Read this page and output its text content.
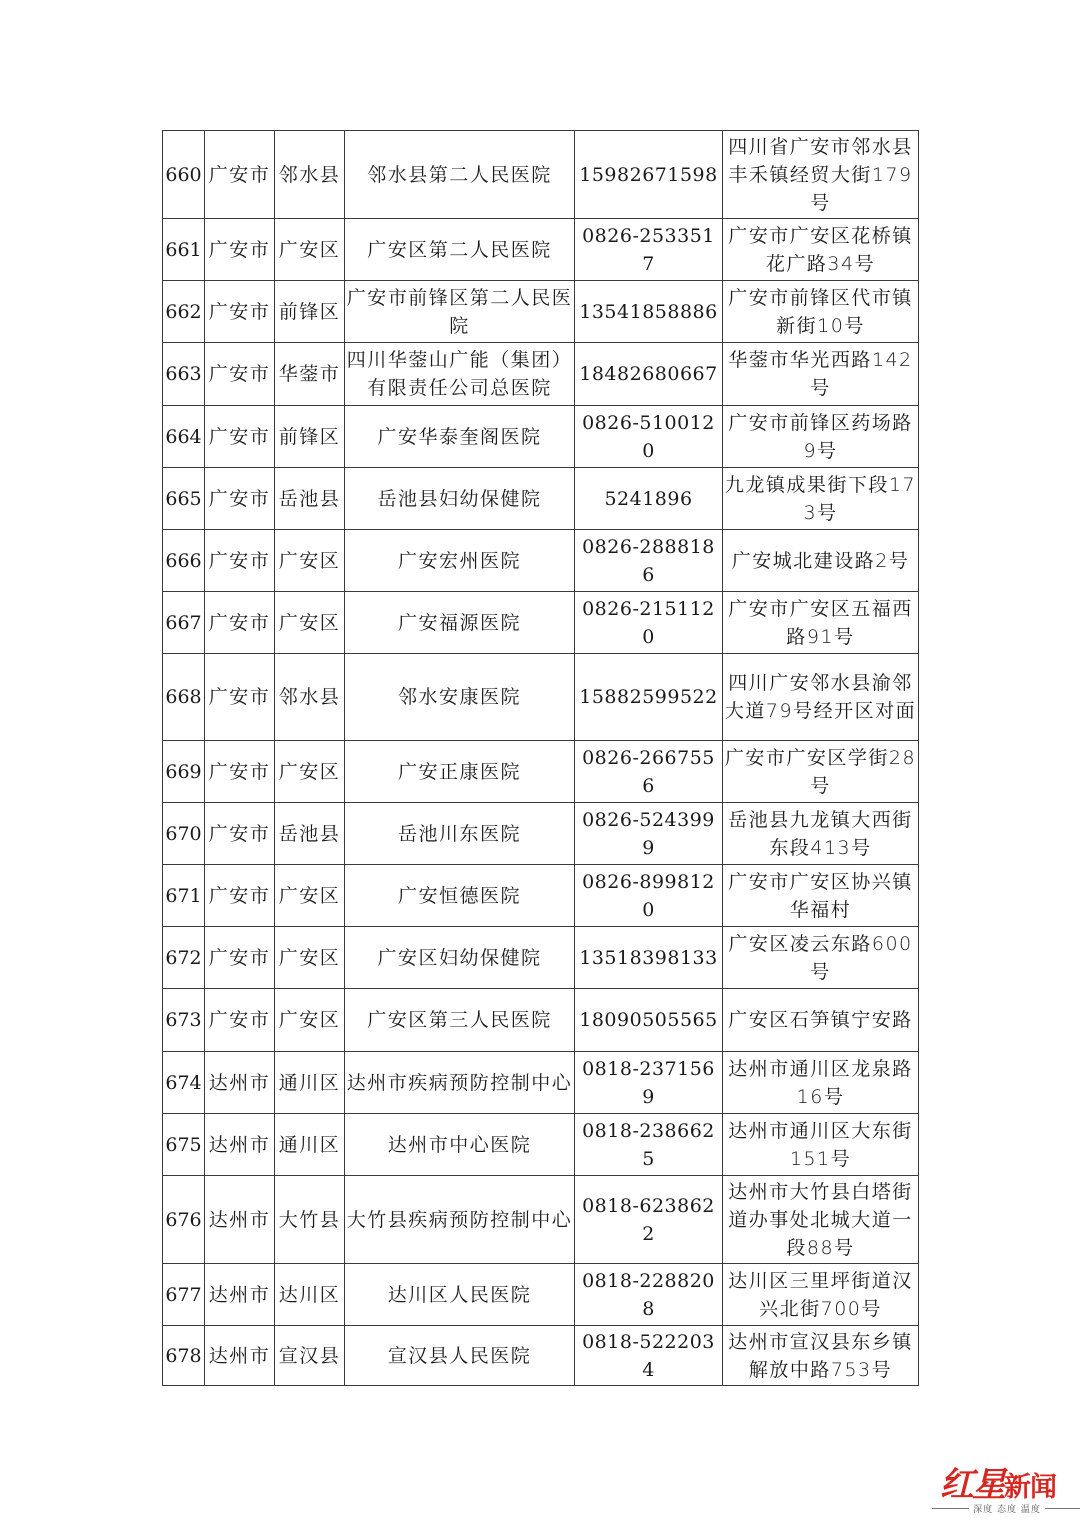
660	广安市	邻水县	邻水县第二人民医院	15982671598	四川省广安市邻水县丰禾镇经贸大街179号
661	广安市	广安区	广安区第二人民医院	0826-2533517	广安市广安区花桥镇花广路34号
662	广安市	前锋区	广安市前锋区第二人民医院	13541858886	广安市前锋区代市镇新街10号
663	广安市	华蓥市	四川华蓥山广能（集团）有限责任公司总医院	18482680667	华蓥市华光西路142号
664	广安市	前锋区	广安华泰奎阁医院	0826-5100120	广安市前锋区药场路9号
665	广安市	岳池县	岳池县妇幼保健院	5241896	九龙镇成果街下段173号
666	广安市	广安区	广安宏州医院	0826-2888186	广安城北建设路2号
667	广安市	广安区	广安福源医院	0826-2151120	广安市广安区五福西路91号
668	广安市	邻水县	邻水安康医院	15882599522	四川广安邻水县渝邻大道79号经开区对面
669	广安市	广安区	广安正康医院	0826-2667556	广安市广安区学街28号
670	广安市	岳池县	岳池川东医院	0826-5243999	岳池县九龙镇大西街东段413号
671	广安市	广安区	广安恒德医院	0826-8998120	广安市广安区协兴镇华福村
672	广安市	广安区	广安区妇幼保健院	13518398133	广安区凌云东路600号
673	广安市	广安区	广安区第三人民医院	18090505565	广安区石笋镇宁安路
674	达州市	通川区	达州市疾病预防控制中心	0818-2371569	达州市通川区龙泉路16号
675	达州市	通川区	达州市中心医院	0818-2386625	达州市通川区大东街151号
676	达州市	大竹县	大竹县疾病预防控制中心	0818-6238622	达州市大竹县白塔街道办事处北城大道一段88号
677	达州市	达川区	达川区人民医院	0818-2288208	达川区三里坪街道汉兴北街700号
678	达州市	宣汉县	宣汉县人民医院	0818-5222034	达州市宣汉县东乡镇解放中路753号
红星新闻
深度 态度 温度
